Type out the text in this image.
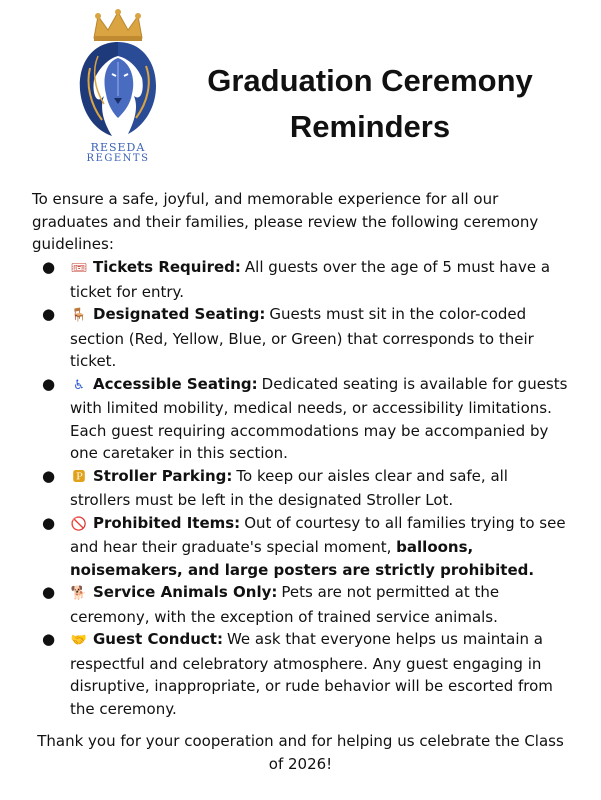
RESEDA
REGENTS
Graduation Ceremony
Reminders
To ensure a safe, joyful, and memorable experience for all our graduates and their families, please review the following ceremony guidelines:
● 🎟 Tickets Required: All guests over the age of 5 must have a ticket for entry.
● 🪑 Designated Seating: Guests must sit in the color-coded section (Red, Yellow, Blue, or Green) that corresponds to their ticket.
● ♿ Accessible Seating: Dedicated seating is available for guests with limited mobility, medical needs, or accessibility limitations. Each guest requiring accommodations may be accompanied by one caretaker in this section.
● 🅿 Stroller Parking: To keep our aisles clear and safe, all strollers must be left in the designated Stroller Lot.
● 🚫 Prohibited Items: Out of courtesy to all families trying to see and hear their graduate's special moment, balloons, noisemakers, and large posters are strictly prohibited.
● 🐕 Service Animals Only: Pets are not permitted at the ceremony, with the exception of trained service animals.
● 🤝 Guest Conduct: We ask that everyone helps us maintain a respectful and celebratory atmosphere. Any guest engaging in disruptive, inappropriate, or rude behavior will be escorted from the ceremony.
Thank you for your cooperation and for helping us celebrate the Class of 2026!
